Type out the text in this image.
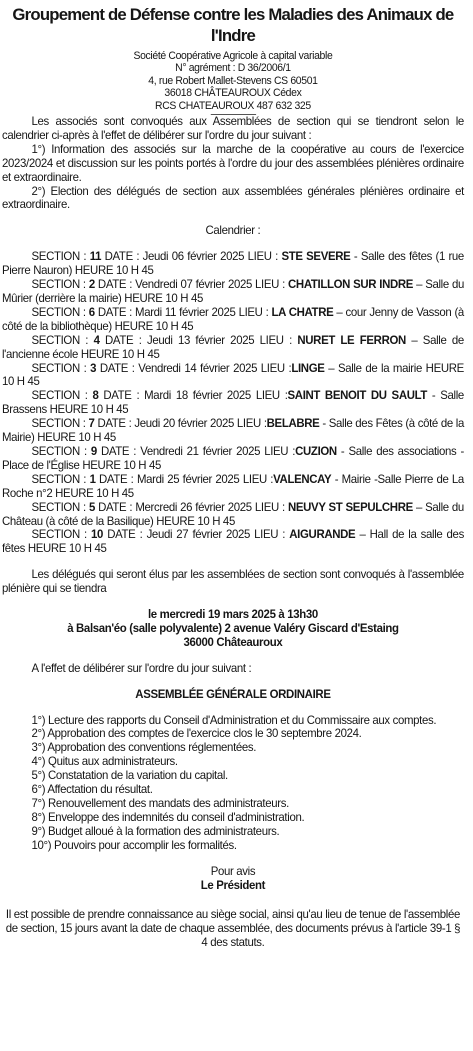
Groupement de Défense contre les Maladies des Animaux de l'Indre
Société Coopérative Agricole à capital variable
N° agrément : D 36/2006/1
4, rue Robert Mallet-Stevens CS 60501
36018 CHÂTEAUROUX Cédex
RCS CHATEAUROUX 487 632 325

Les associés sont convoqués aux Assemblées de section qui se tiendront selon le calendrier ci-après à l'effet de délibérer sur l'ordre du jour suivant :

1°) Information des associés sur la marche de la coopérative au cours de l'exercice 2023/2024 et discussion sur les points portés à l'ordre du jour des assemblées plénières ordinaire et extraordinaire.

2°) Election des délégués de section aux assemblées générales plénières ordinaire et extraordinaire.

Calendrier :

SECTION : 11 DATE : Jeudi 06 février 2025 LIEU : STE SEVERE - Salle des fêtes (1 rue Pierre Nauron) HEURE 10 H 45

SECTION : 2 DATE : Vendredi 07 février 2025 LIEU : CHATILLON SUR INDRE – Salle du Mûrier (derrière la mairie) HEURE 10 H 45

SECTION : 6 DATE : Mardi 11 février 2025 LIEU : LA CHATRE – cour Jenny de Vasson (à côté de la bibliothèque) HEURE 10 H 45

SECTION : 4 DATE : Jeudi 13 février 2025 LIEU : NURET LE FERRON – Salle de l'ancienne école HEURE 10 H 45

SECTION : 3 DATE : Vendredi 14 février 2025 LIEU :LINGE – Salle de la mairie HEURE 10 H 45

SECTION : 8 DATE : Mardi 18 février 2025 LIEU :SAINT BENOIT DU SAULT - Salle Brassens HEURE 10 H 45

SECTION : 7 DATE : Jeudi 20 février 2025 LIEU :BELABRE - Salle des Fêtes (à côté de la Mairie) HEURE 10 H 45

SECTION : 9 DATE : Vendredi 21 février 2025 LIEU :CUZION - Salle des associations - Place de l'Église HEURE 10 H 45

SECTION : 1 DATE : Mardi 25 février 2025 LIEU :VALENCAY - Mairie -Salle Pierre de La Roche n°2 HEURE 10 H 45

SECTION : 5 DATE : Mercredi 26 février 2025 LIEU : NEUVY ST SEPULCHRE – Salle du Château (à côté de la Basilique) HEURE 10 H 45

SECTION : 10 DATE : Jeudi 27 février 2025 LIEU : AIGURANDE – Hall de la salle des fêtes HEURE 10 H 45

Les délégués qui seront élus par les assemblées de section sont convoqués à l'assemblée plénière qui se tiendra

le mercredi 19 mars 2025 à 13h30

à Balsan'éo (salle polyvalente) 2 avenue Valéry Giscard d'Estaing

36000 Châteauroux

A l'effet de délibérer sur l'ordre du jour suivant :

ASSEMBLÉE GÉNÉRALE ORDINAIRE

1°) Lecture des rapports du Conseil d'Administration et du Commissaire aux comptes.

2°) Approbation des comptes de l'exercice clos le 30 septembre 2024.

3°) Approbation des conventions réglementées.

4°) Quitus aux administrateurs.

5°) Constatation de la variation du capital.

6°) Affectation du résultat.

7°) Renouvellement des mandats des administrateurs.

8°) Enveloppe des indemnités du conseil d'administration.

9°) Budget alloué à la formation des administrateurs.

10°) Pouvoirs pour accomplir les formalités.

Pour avis

Le Président

Il est possible de prendre connaissance au siège social, ainsi qu'au lieu de tenue de l'assemblée de section, 15 jours avant la date de chaque assemblée, des documents prévus à l'article 39-1 § 4 des statuts.
